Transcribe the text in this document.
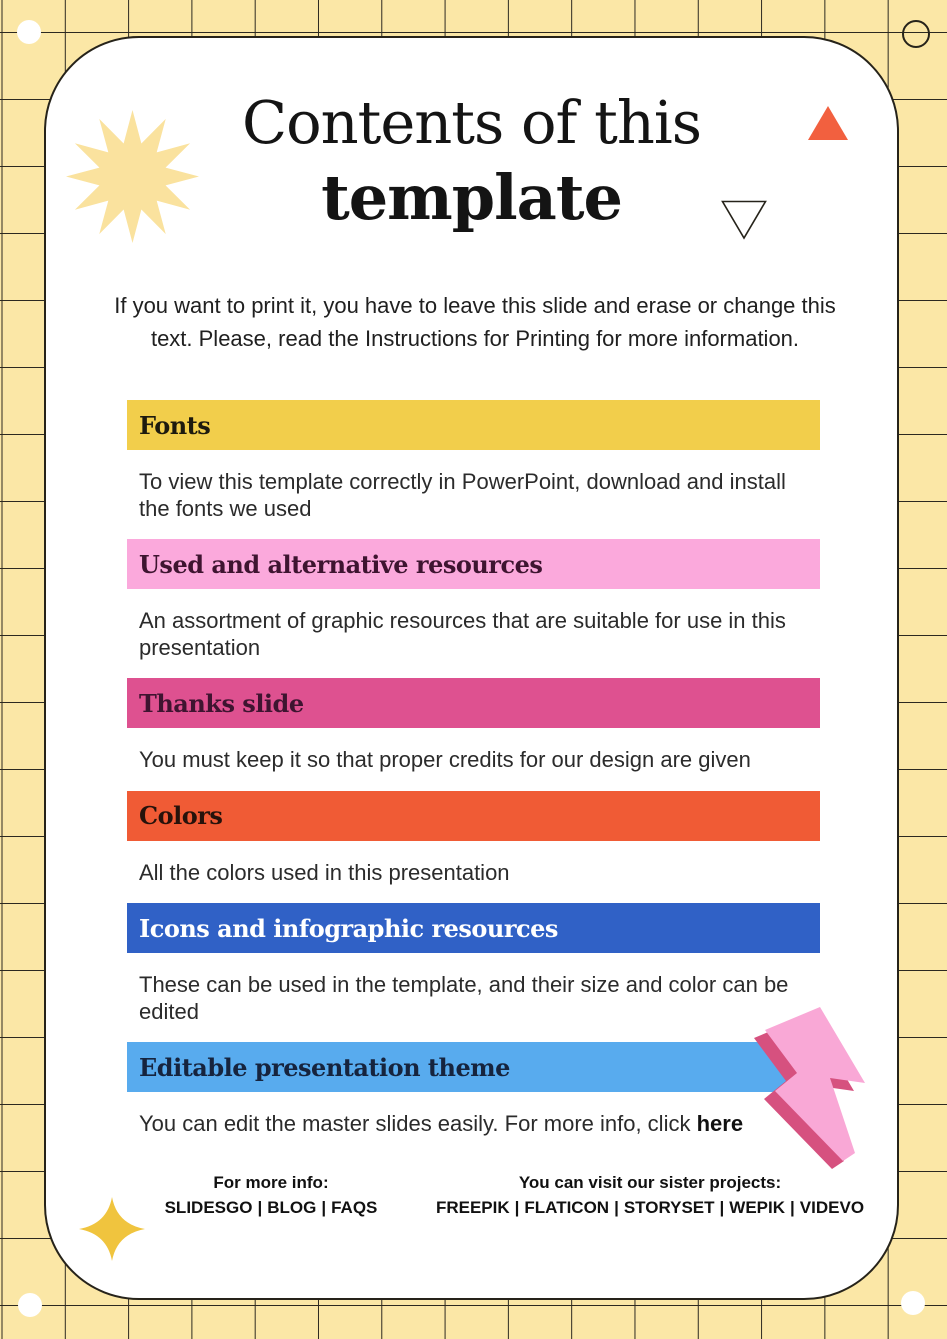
Contents of this
template
If you want to print it, you have to leave this slide and erase or change this text. Please, read the Instructions for Printing for more information.
Fonts
To view this template correctly in PowerPoint, download and install the fonts we used
Used and alternative resources
An assortment of graphic resources that are suitable for use in this presentation
Thanks slide
You must keep it so that proper credits for our design are given
Colors
All the colors used in this presentation
Icons and infographic resources
These can be used in the template, and their size and color can be edited
Editable presentation theme
You can edit the master slides easily. For more info, click here
For more info:
SLIDESGO | BLOG | FAQS
You can visit our sister projects:
FREEPIK | FLATICON | STORYSET | WEPIK | VIDEVO
